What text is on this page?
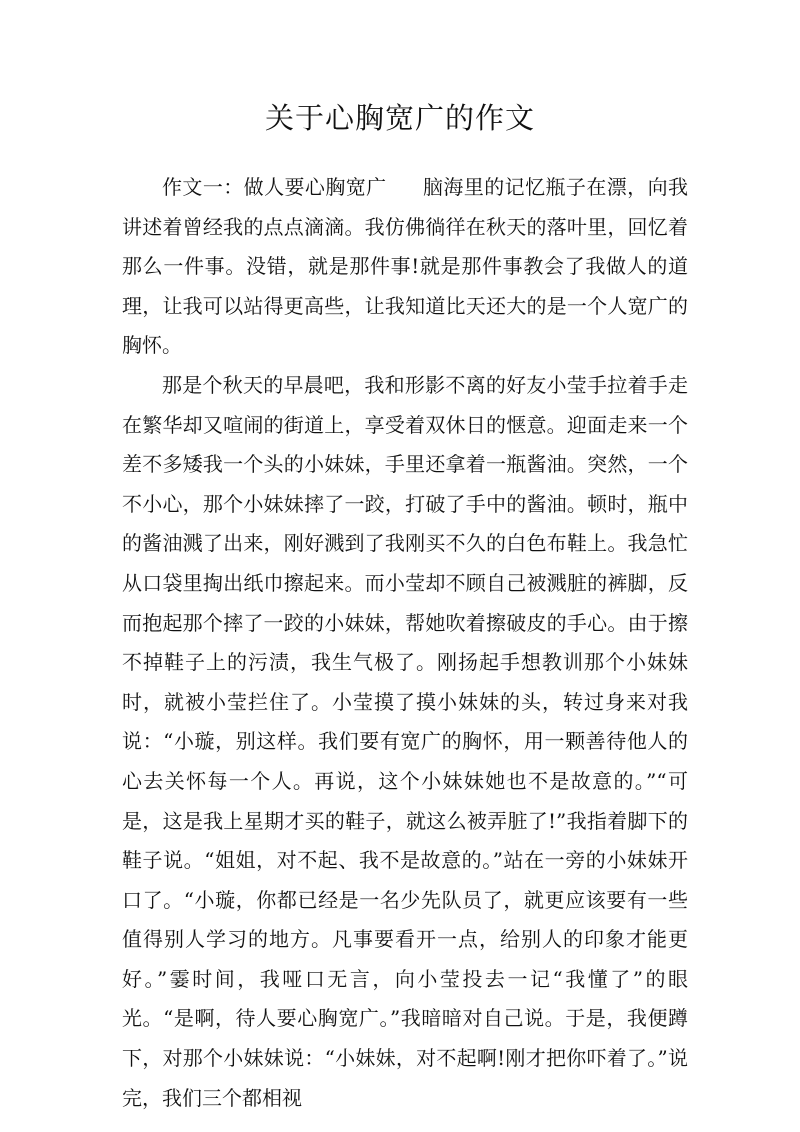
关于心胸宽广的作文

作文一：做人要心胸宽广 脑海里的记忆瓶子在漂，向我讲述着曾经我的点点滴滴。我仿佛徜徉在秋天的落叶里，回忆着那么一件事。没错，就是那件事!就是那件事教会了我做人的道理，让我可以站得更高些，让我知道比天还大的是一个人宽广的胸怀。

那是个秋天的早晨吧，我和形影不离的好友小莹手拉着手走在繁华却又喧闹的街道上，享受着双休日的惬意。迎面走来一个差不多矮我一个头的小妹妹，手里还拿着一瓶酱油。突然，一个不小心，那个小妹妹摔了一跤，打破了手中的酱油。顿时，瓶中的酱油溅了出来，刚好溅到了我刚买不久的白色布鞋上。我急忙从口袋里掏出纸巾擦起来。而小莹却不顾自己被溅脏的裤脚，反而抱起那个摔了一跤的小妹妹，帮她吹着擦破皮的手心。由于擦不掉鞋子上的污渍，我生气极了。刚扬起手想教训那个小妹妹时，就被小莹拦住了。小莹摸了摸小妹妹的头，转过身来对我说：“小璇，别这样。我们要有宽广的胸怀，用一颗善待他人的心去关怀每一个人。再说，这个小妹妹她也不是故意的。”“可是，这是我上星期才买的鞋子，就这么被弄脏了!”我指着脚下的鞋子说。“姐姐，对不起、我不是故意的。”站在一旁的小妹妹开口了。“小璇，你都已经是一名少先队员了，就更应该要有一些值得别人学习的地方。凡事要看开一点，给别人的印象才能更好。”霎时间，我哑口无言，向小莹投去一记“我懂了”的眼光。“是啊，待人要心胸宽广。”我暗暗对自己说。于是，我便蹲下，对那个小妹妹说：“小妹妹，对不起啊!刚才把你吓着了。”说完，我们三个都相视
